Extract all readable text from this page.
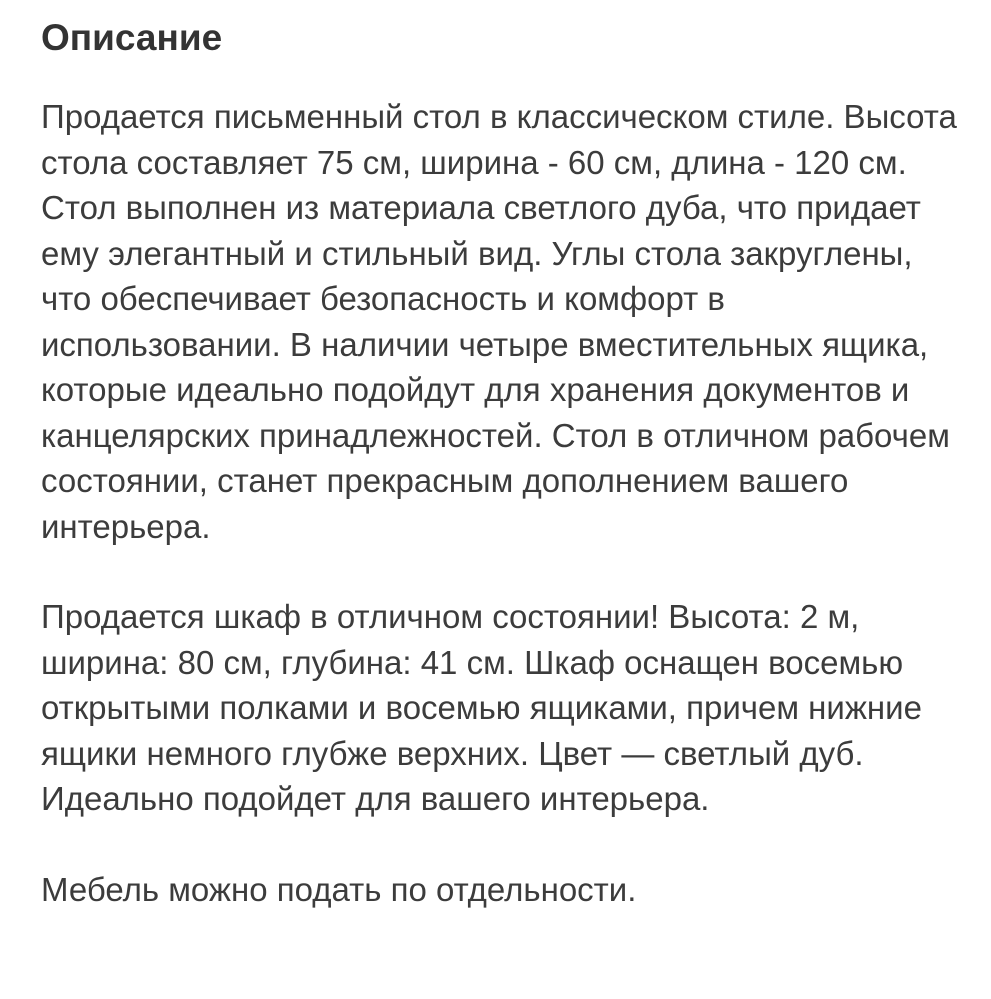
Описание

Продается письменный стол в классическом стиле. Высота стола составляет 75 см, ширина - 60 см, длина - 120 см. Стол выполнен из материала светлого дуба, что придает ему элегантный и стильный вид. Углы стола закруглены, что обеспечивает безопасность и комфорт в использовании. В наличии четыре вместительных ящика, которые идеально подойдут для хранения документов и канцелярских принадлежностей. Стол в отличном рабочем состоянии, станет прекрасным дополнением вашего интерьера.

Продается шкаф в отличном состоянии! Высота: 2 м, ширина: 80 см, глубина: 41 см. Шкаф оснащен восемью открытыми полками и восемью ящиками, причем нижние ящики немного глубже верхних. Цвет — светлый дуб. Идеально подойдет для вашего интерьера.

Мебель можно подать по отдельности.
